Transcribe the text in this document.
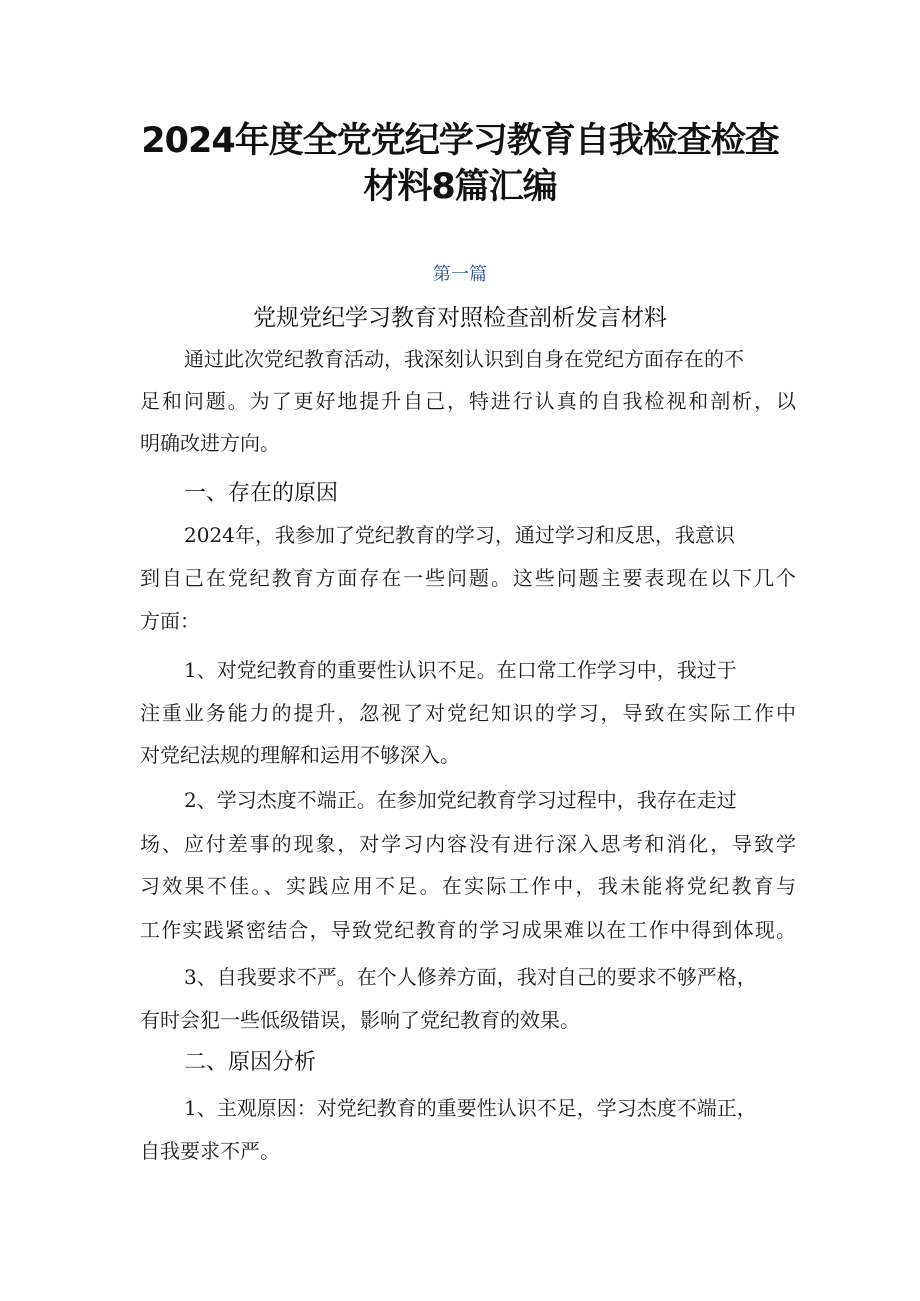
2024年度全党党纪学习教育自我检查检查
材料8篇汇编
第一篇
党规党纪学习教育对照检查剖析发言材料
通过此次党纪教育活动，我深刻认识到自身在党纪方面存在的不
足和问题。为了更好地提升自己，特进行认真的自我检视和剖析，以
明确改进方向。
一、存在的原因
2024年，我参加了党纪教育的学习，通过学习和反思，我意识
到自己在党纪教育方面存在一些问题。这些问题主要表现在以下几个
方面：
1、对党纪教育的重要性认识不足。在口常工作学习中，我过于
注重业务能力的提升，忽视了对党纪知识的学习，导致在实际工作中
对党纪法规的理解和运用不够深入。
2、学习杰度不端正。在参加党纪教育学习过程中，我存在走过
场、应付差事的现象，对学习内容没有进行深入思考和消化，导致学
习效果不佳。、实践应用不足。在实际工作中，我未能将党纪教育与
工作实践紧密结合，导致党纪教育的学习成果难以在工作中得到体现。
3、自我要求不严。在个人修养方面，我对自己的要求不够严格，
有时会犯一些低级错误，影响了党纪教育的效果。
二、原因分析
1、主观原因：对党纪教育的重要性认识不足，学习杰度不端正，
自我要求不严。
